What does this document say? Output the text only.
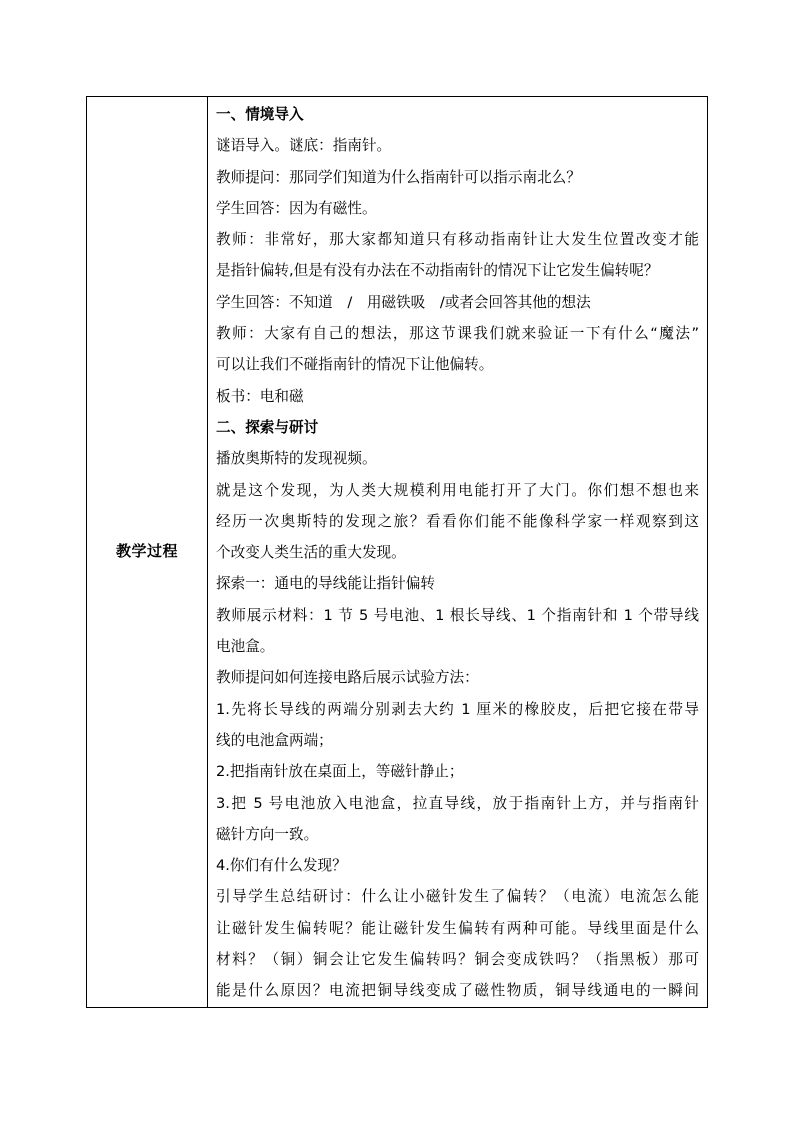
教学过程
一、情境导入
谜语导入。谜底：指南针。
教师提问：那同学们知道为什么指南针可以指示南北么？
学生回答：因为有磁性。
教师：非常好，那大家都知道只有移动指南针让大发生位置改变才能
是指针偏转,但是有没有办法在不动指南针的情况下让它发生偏转呢？
学生回答：不知道　/　用磁铁吸　/或者会回答其他的想法
教师：大家有自己的想法，那这节课我们就来验证一下有什么“魔法”
可以让我们不碰指南针的情况下让他偏转。
板书：电和磁
二、探索与研讨
播放奥斯特的发现视频。
就是这个发现，为人类大规模利用电能打开了大门。你们想不想也来
经历一次奥斯特的发现之旅？看看你们能不能像科学家一样观察到这
个改变人类生活的重大发现。
探索一：通电的导线能让指针偏转
教师展示材料：1 节 5 号电池、1 根长导线、1 个指南针和 1 个带导线
电池盒。
教师提问如何连接电路后展示试验方法：
1.先将长导线的两端分别剥去大约 1 厘米的橡胶皮，后把它接在带导
线的电池盒两端；
2.把指南针放在桌面上，等磁针静止；
3.把 5 号电池放入电池盒，拉直导线，放于指南针上方，并与指南针
磁针方向一致。
4.你们有什么发现？
引导学生总结研讨：什么让小磁针发生了偏转？（电流）电流怎么能
让磁针发生偏转呢？能让磁针发生偏转有两种可能。导线里面是什么
材料？（铜）铜会让它发生偏转吗？铜会变成铁吗？（指黑板）那可
能是什么原因？电流把铜导线变成了磁性物质，铜导线通电的一瞬间
